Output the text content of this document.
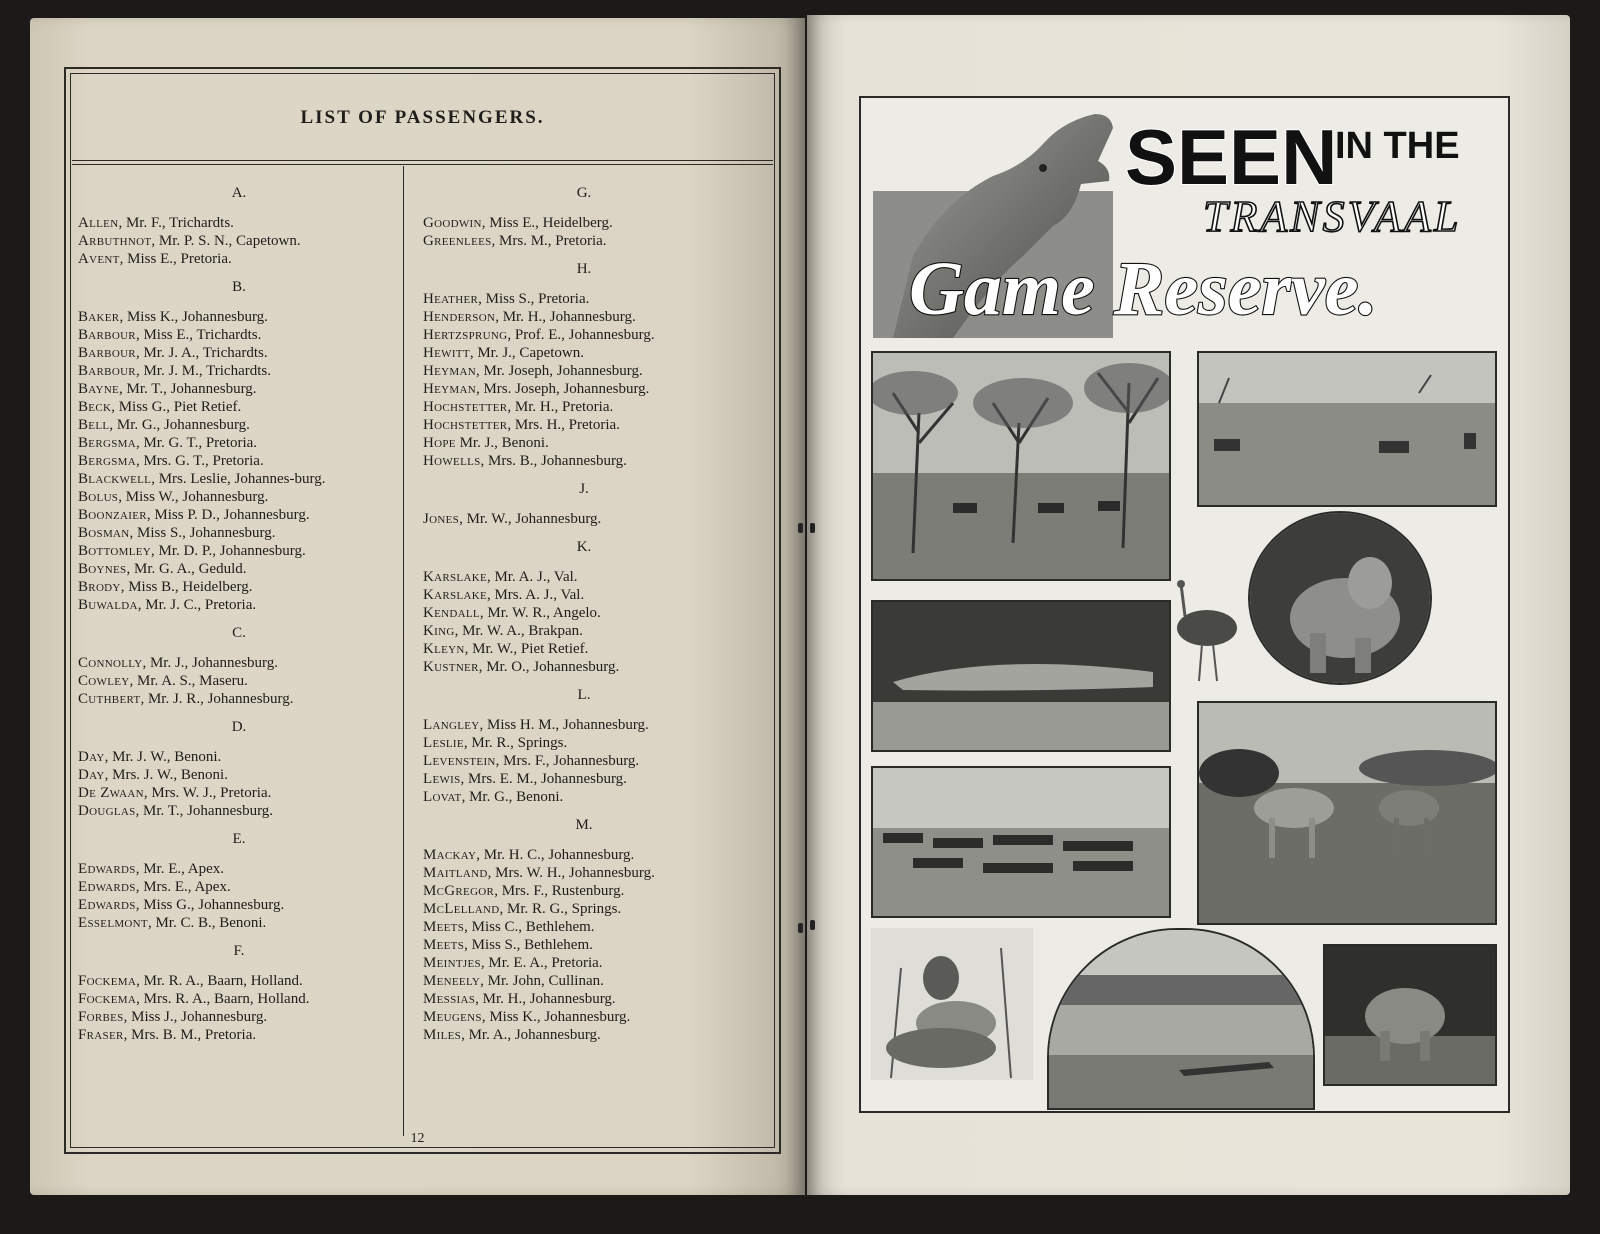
LIST OF PASSENGERS.
A.
Allen, Mr. F., Trichardts.
Arbuthnot, Mr. P. S. N., Capetown.
Avent, Miss E., Pretoria.
B.
Baker, Miss K., Johannesburg.
Barbour, Miss E., Trichardts.
Barbour, Mr. J. A., Trichardts.
Barbour, Mr. J. M., Trichardts.
Bayne, Mr. T., Johannesburg.
Beck, Miss G., Piet Retief.
Bell, Mr. G., Johannesburg.
Bergsma, Mr. G. T., Pretoria.
Bergsma, Mrs. G. T., Pretoria.
Blackwell, Mrs. Leslie, Johannes-burg.
Bolus, Miss W., Johannesburg.
Boonzaier, Miss P. D., Johannesburg.
Bosman, Miss S., Johannesburg.
Bottomley, Mr. D. P., Johannesburg.
Boynes, Mr. G. A., Geduld.
Brody, Miss B., Heidelberg.
Buwalda, Mr. J. C., Pretoria.
C.
Connolly, Mr. J., Johannesburg.
Cowley, Mr. A. S., Maseru.
Cuthbert, Mr. J. R., Johannesburg.
D.
Day, Mr. J. W., Benoni.
Day, Mrs. J. W., Benoni.
De Zwaan, Mrs. W. J., Pretoria.
Douglas, Mr. T., Johannesburg.
E.
Edwards, Mr. E., Apex.
Edwards, Mrs. E., Apex.
Edwards, Miss G., Johannesburg.
Esselmont, Mr. C. B., Benoni.
F.
Fockema, Mr. R. A., Baarn, Holland.
Fockema, Mrs. R. A., Baarn, Holland.
Forbes, Miss J., Johannesburg.
Fraser, Mrs. B. M., Pretoria.
G.
Goodwin, Miss E., Heidelberg.
Greenlees, Mrs. M., Pretoria.
H.
Heather, Miss S., Pretoria.
Henderson, Mr. H., Johannesburg.
Hertzsprung, Prof. E., Johannesburg.
Hewitt, Mr. J., Capetown.
Heyman, Mr. Joseph, Johannesburg.
Heyman, Mrs. Joseph, Johannesburg.
Hochstetter, Mr. H., Pretoria.
Hochstetter, Mrs. H., Pretoria.
Hope Mr. J., Benoni.
Howells, Mrs. B., Johannesburg.
J.
Jones, Mr. W., Johannesburg.
K.
Karslake, Mr. A. J., Val.
Karslake, Mrs. A. J., Val.
Kendall, Mr. W. R., Angelo.
King, Mr. W. A., Brakpan.
Kleyn, Mr. W., Piet Retief.
Kustner, Mr. O., Johannesburg.
L.
Langley, Miss H. M., Johannesburg.
Leslie, Mr. R., Springs.
Levenstein, Mrs. F., Johannesburg.
Lewis, Mrs. E. M., Johannesburg.
Lovat, Mr. G., Benoni.
M.
Mackay, Mr. H. C., Johannesburg.
Maitland, Mrs. W. H., Johannesburg.
McGregor, Mrs. F., Rustenburg.
McLelland, Mr. R. G., Springs.
Meets, Miss C., Bethlehem.
Meets, Miss S., Bethlehem.
Meintjes, Mr. E. A., Pretoria.
Meneely, Mr. John, Cullinan.
Messias, Mr. H., Johannesburg.
Meugens, Miss K., Johannesburg.
Miles, Mr. A., Johannesburg.
12
SEEN
IN THE
TRANSVAAL
Game Reserve.
